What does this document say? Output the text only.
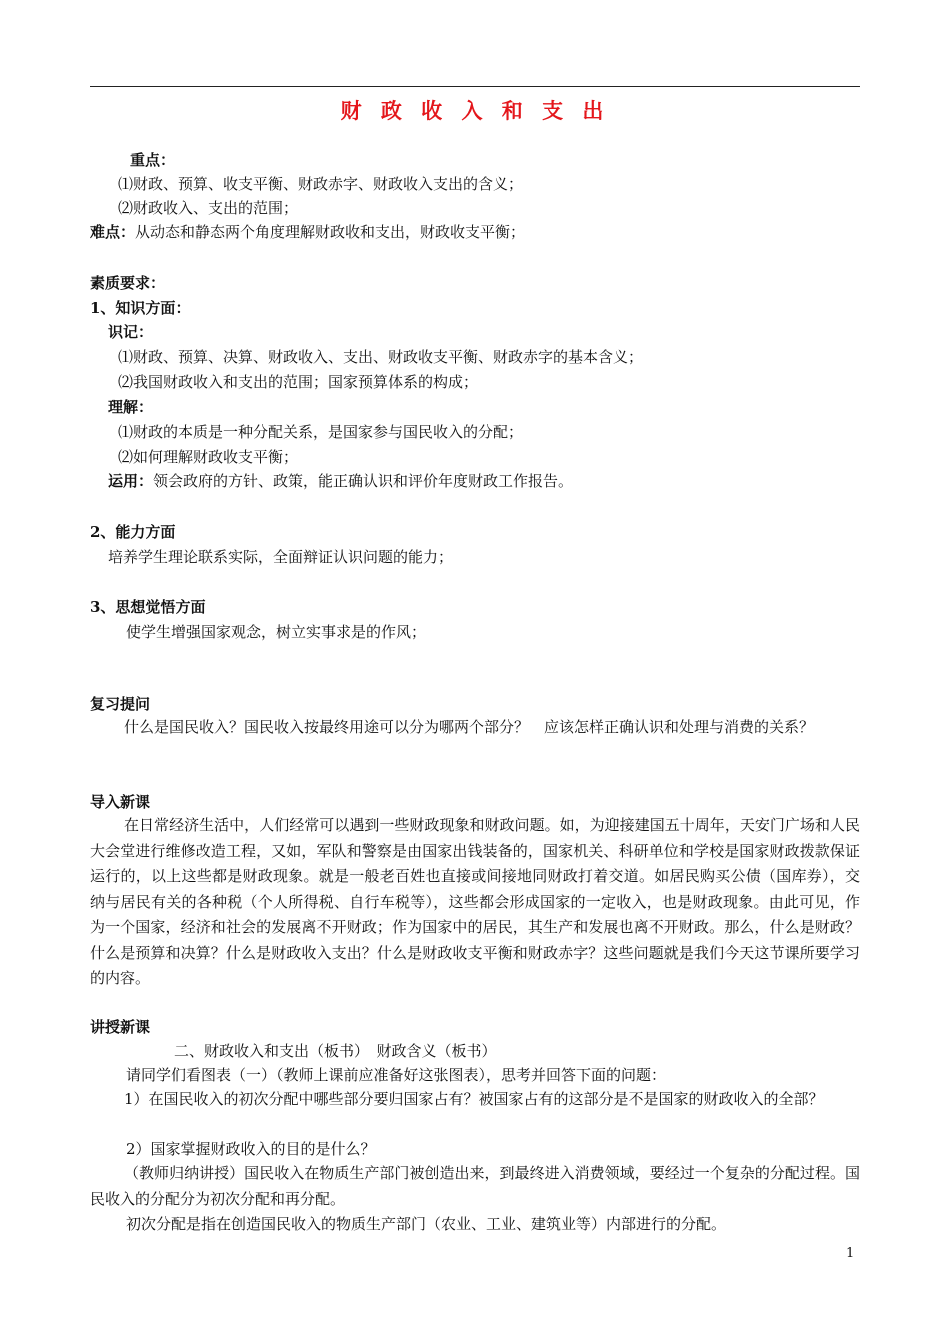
财 政 收 入 和 支 出
重点：
⑴财政、预算、收支平衡、财政赤字、财政收入支出的含义；
⑵财政收入、支出的范围；
难点：从动态和静态两个角度理解财政收和支出，财政收支平衡；
素质要求：
1、知识方面：
识记：
⑴财政、预算、决算、财政收入、支出、财政收支平衡、财政赤字的基本含义；
⑵我国财政收入和支出的范围；国家预算体系的构成；
理解：
⑴财政的本质是一种分配关系，是国家参与国民收入的分配；
⑵如何理解财政收支平衡；
运用：领会政府的方针、政策，能正确认识和评价年度财政工作报告。
2、能力方面
培养学生理论联系实际，全面辩证认识问题的能力；
3、思想觉悟方面
使学生增强国家观念，树立实事求是的作风；
复习提问
什么是国民收入？国民收入按最终用途可以分为哪两个部分？　应该怎样正确认识和处理与消费的关系？
导入新课
在日常经济生活中，人们经常可以遇到一些财政现象和财政问题。如，为迎接建国五十周年，天安门广场和人民大会堂进行维修改造工程，又如，军队和警察是由国家出钱装备的，国家机关、科研单位和学校是国家财政拨款保证运行的，以上这些都是财政现象。就是一般老百姓也直接或间接地同财政打着交道。如居民购买公债（国库券），交纳与居民有关的各种税（个人所得税、自行车税等），这些都会形成国家的一定收入，也是财政现象。由此可见，作为一个国家，经济和社会的发展离不开财政；作为国家中的居民，其生产和发展也离不开财政。那么，什么是财政？什么是预算和决算？什么是财政收入支出？什么是财政收支平衡和财政赤字？这些问题就是我们今天这节课所要学习的内容。
讲授新课
二、财政收入和支出（板书）　财政含义（板书）
请同学们看图表（一）（教师上课前应准备好这张图表），思考并回答下面的问题：
1）在国民收入的初次分配中哪些部分要归国家占有？被国家占有的这部分是不是国家的财政收入的全部？
2）国家掌握财政收入的目的是什么？
（教师归纳讲授）国民收入在物质生产部门被创造出来，到最终进入消费领域，要经过一个复杂的分配过程。国民收入的分配分为初次分配和再分配。
初次分配是指在创造国民收入的物质生产部门（农业、工业、建筑业等）内部进行的分配。
1
